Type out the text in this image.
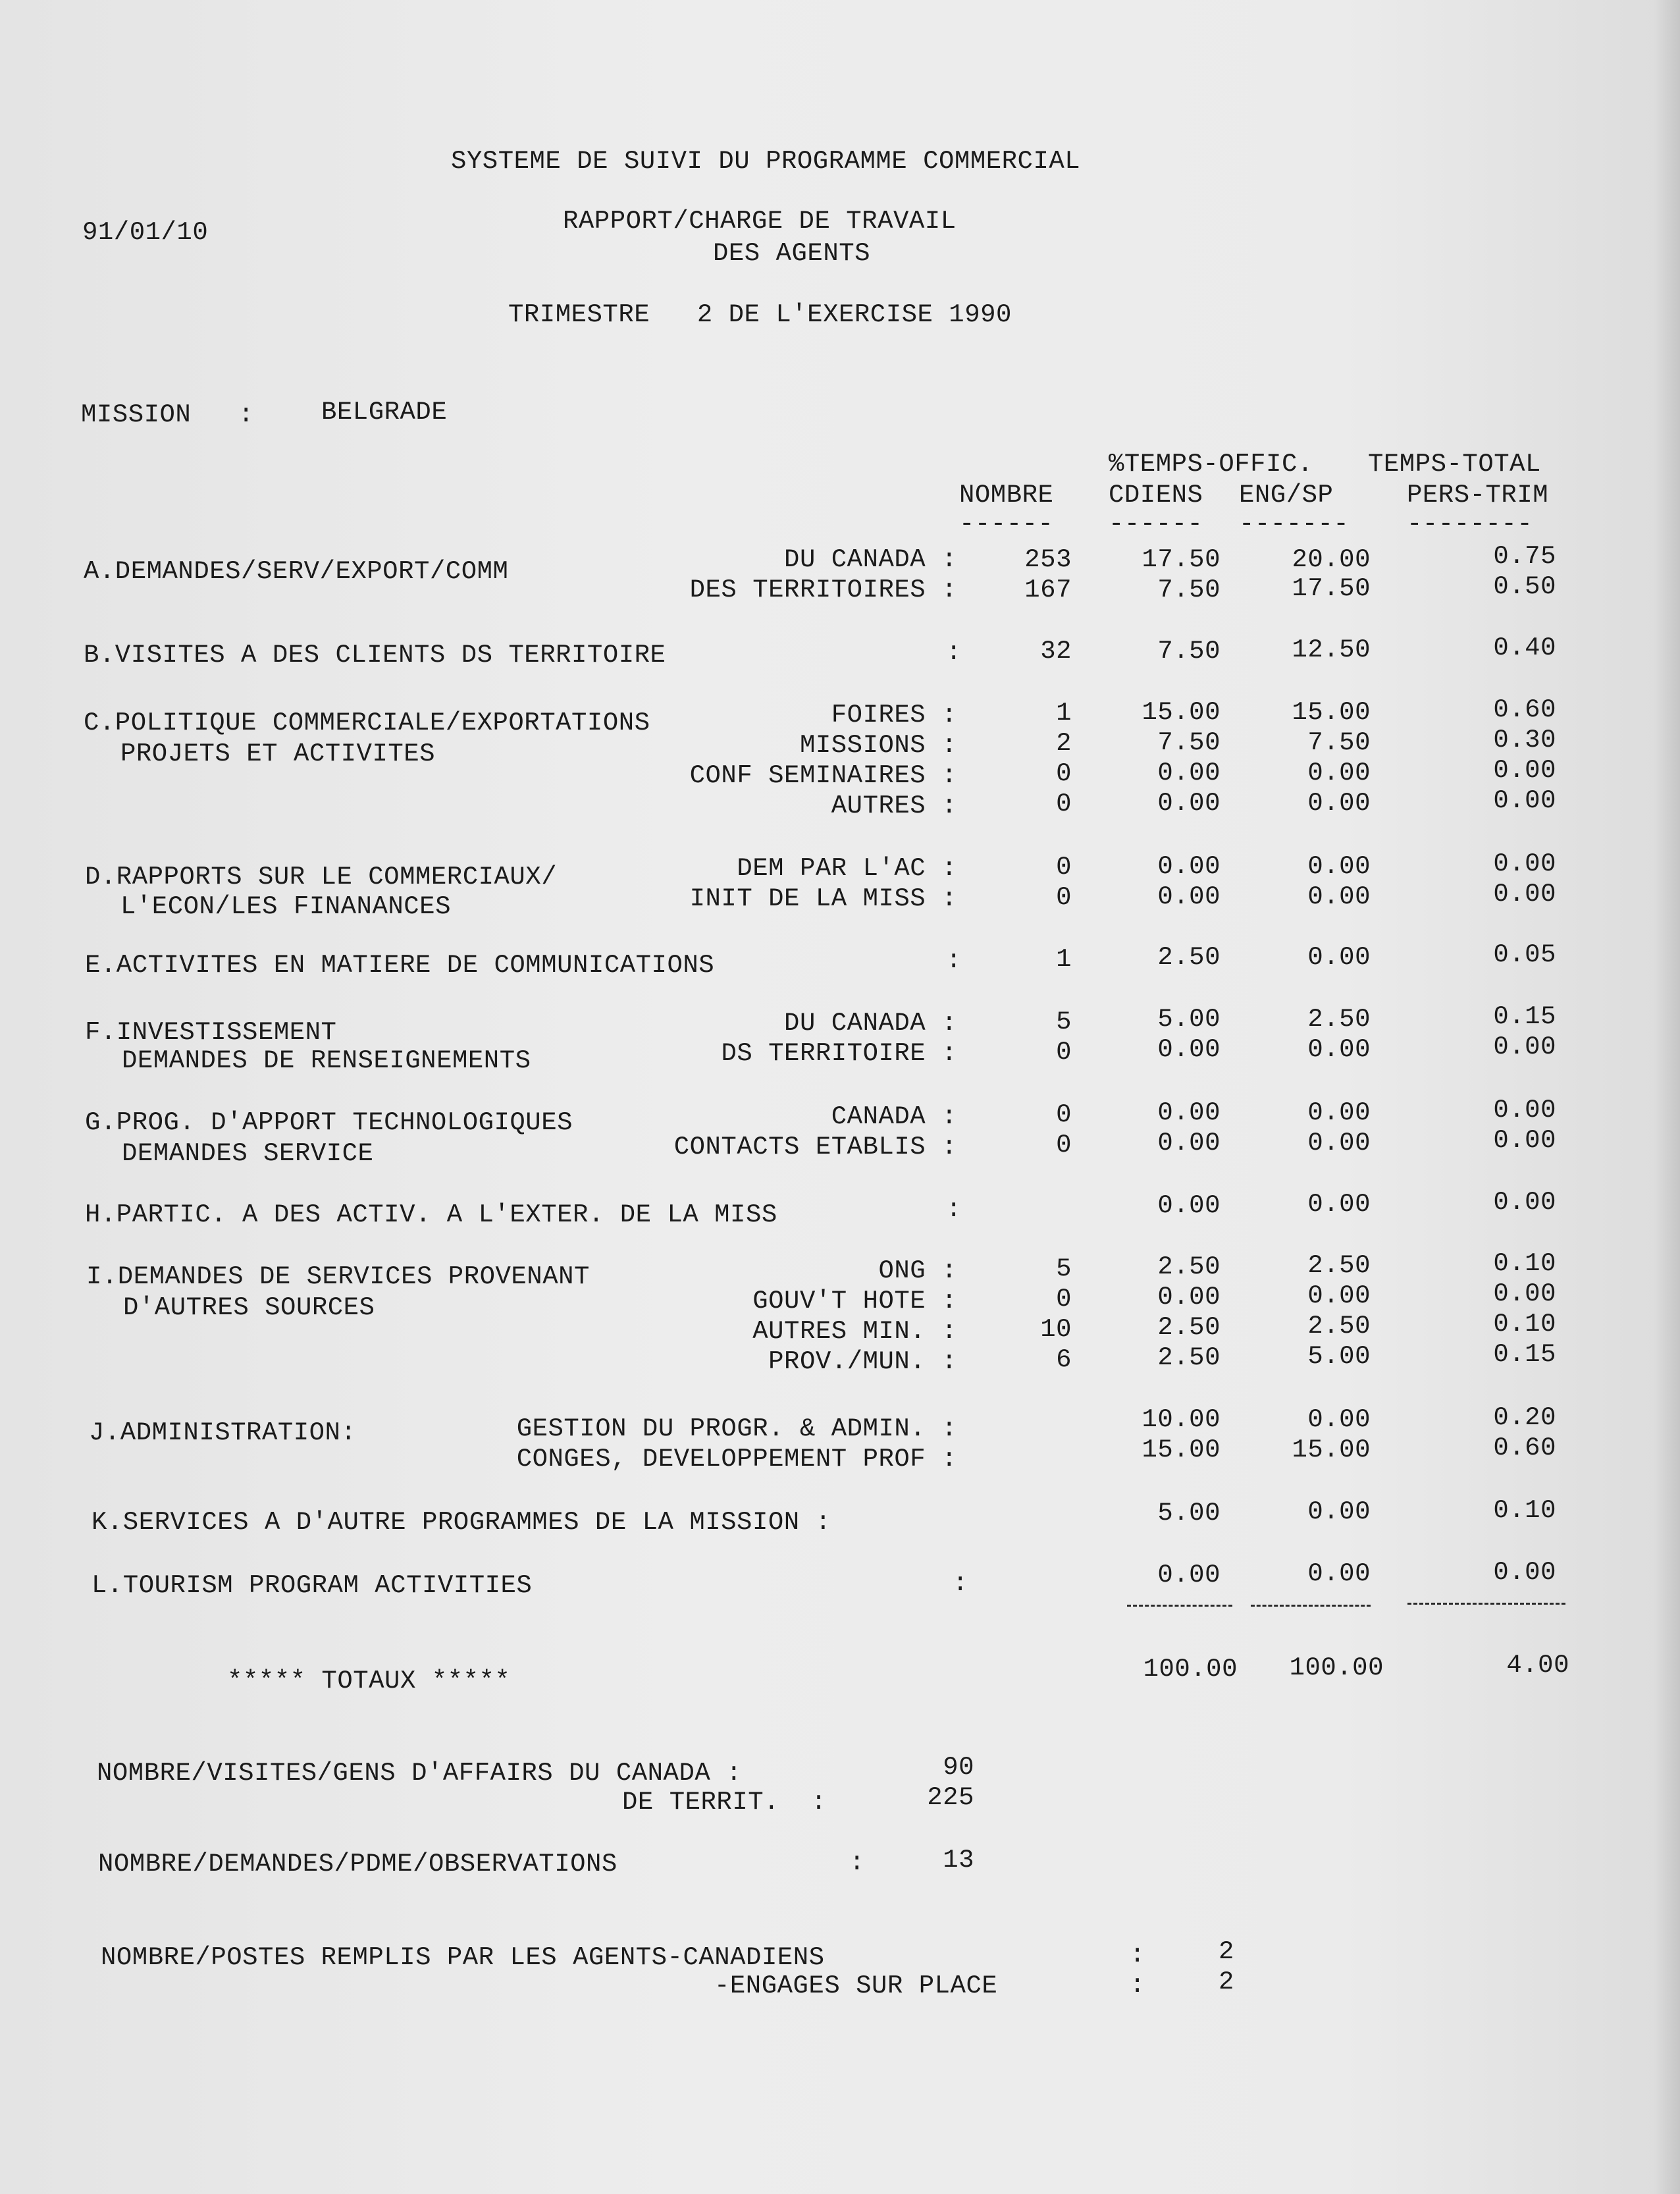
SYSTEME DE SUIVI DU PROGRAMME COMMERCIAL
91/01/10	RAPPORT/CHARGE DE TRAVAIL
DES AGENTS
TRIMESTRE   2 DE L'EXERCISE 1990
MISSION   :	BELGRADE
%TEMPS-OFFIC. TEMPS-TOTAL
NOMBRE CDIENS ENG/SP	PERS-TRIM
------ ------ ------- --------
A.DEMANDES/SERV/EXPORT/COMM	DU CANADA :	253	17.50	20.00	0.75
DES TERRITOIRES :	167	7.50	17.50	0.50
B.VISITES A DES CLIENTS DS TERRITOIRE	:	32	7.50	12.50	0.40
C.POLITIQUE COMMERCIALE/EXPORTATIONS
PROJETS ET ACTIVITES
FOIRES :	1	15.00	15.00	0.60
MISSIONS :	2	7.50	7.50	0.30
CONF SEMINAIRES :	0	0.00	0.00	0.00
AUTRES :	0	0.00	0.00	0.00
D.RAPPORTS SUR LE COMMERCIAUX/
L'ECON/LES FINANANCES
DEM PAR L'AC :	0	0.00	0.00	0.00
INIT DE LA MISS :	0	0.00	0.00	0.00
E.ACTIVITES EN MATIERE DE COMMUNICATIONS	:	1	2.50	0.00	0.05
F.INVESTISSEMENT
DEMANDES DE RENSEIGNEMENTS
DU CANADA :	5	5.00	2.50	0.15
DS TERRITOIRE :	0	0.00	0.00	0.00
G.PROG. D'APPORT TECHNOLOGIQUES
DEMANDES SERVICE
CANADA :	0	0.00	0.00	0.00
CONTACTS ETABLIS :	0	0.00	0.00	0.00
H.PARTIC. A DES ACTIV. A L'EXTER. DE LA MISS	:	0.00	0.00	0.00
I.DEMANDES DE SERVICES PROVENANT
D'AUTRES SOURCES
ONG :	5	2.50	2.50	0.10
GOUV'T HOTE :	0	0.00	0.00	0.00
AUTRES MIN. :	10	2.50	2.50	0.10
PROV./MUN. :	6	2.50	5.00	0.15
J.ADMINISTRATION:	GESTION DU PROGR. & ADMIN. :	10.00	0.00	0.20
CONGES, DEVELOPPEMENT PROF :	15.00	15.00	0.60
K.SERVICES A D'AUTRE PROGRAMMES DE LA MISSION :	5.00	0.00	0.10
L.TOURISM PROGRAM ACTIVITIES	:	0.00	0.00	0.00
***** TOTAUX *****	100.00 100.00	4.00
NOMBRE/VISITES/GENS D'AFFAIRS DU CANADA :	90
DE TERRIT.  :	225
NOMBRE/DEMANDES/PDME/OBSERVATIONS	:	13
NOMBRE/POSTES REMPLIS PAR LES AGENTS-CANADIENS	:	2
-ENGAGES SUR PLACE	:	2
